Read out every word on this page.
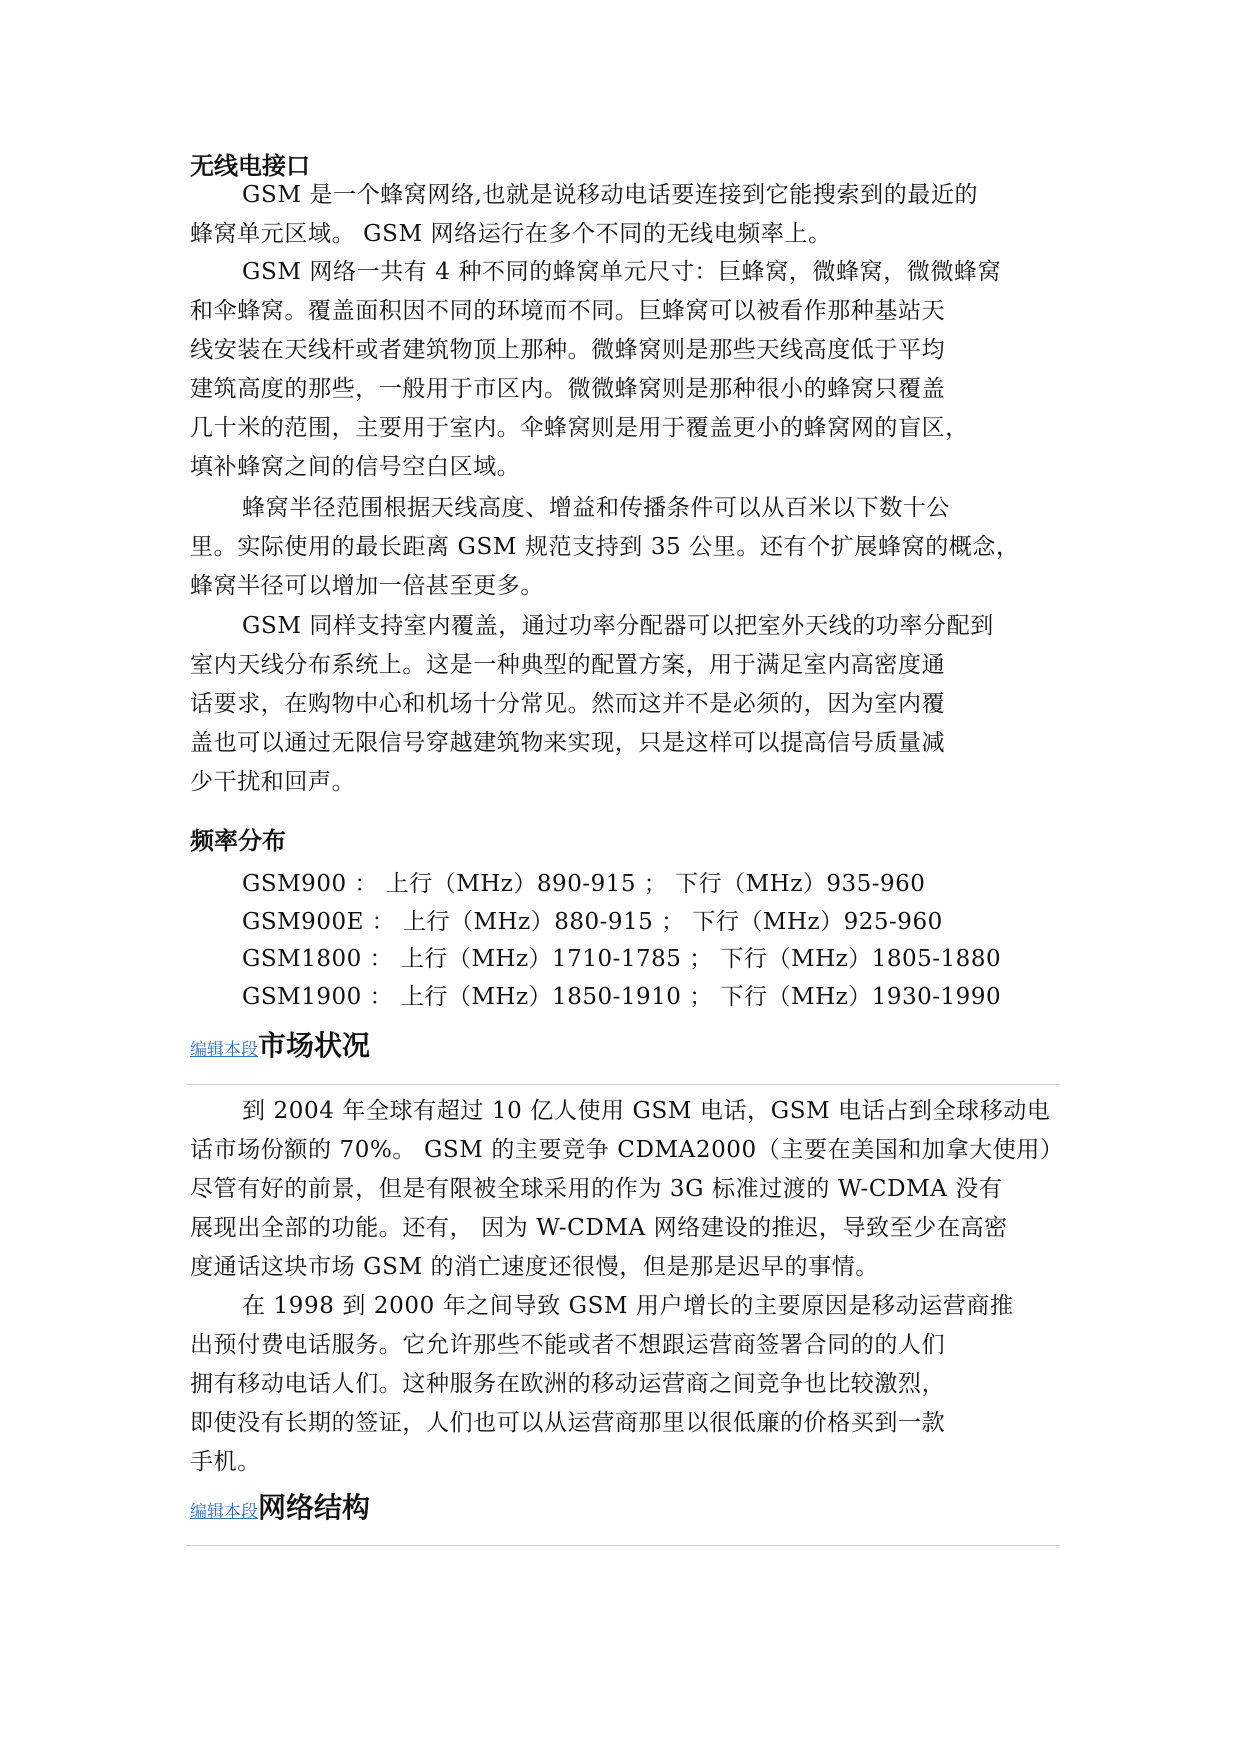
无线电接口
GSM 是一个蜂窝网络,也就是说移动电话要连接到它能搜索到的最近的
蜂窝单元区域。 GSM 网络运行在多个不同的无线电频率上。
GSM 网络一共有 4 种不同的蜂窝单元尺寸：巨蜂窝，微蜂窝，微微蜂窝
和伞蜂窝。覆盖面积因不同的环境而不同。巨蜂窝可以被看作那种基站天
线安装在天线杆或者建筑物顶上那种。微蜂窝则是那些天线高度低于平均
建筑高度的那些，一般用于市区内。微微蜂窝则是那种很小的蜂窝只覆盖
几十米的范围，主要用于室内。伞蜂窝则是用于覆盖更小的蜂窝网的盲区，
填补蜂窝之间的信号空白区域。
蜂窝半径范围根据天线高度、增益和传播条件可以从百米以下数十公
里。实际使用的最长距离 GSM 规范支持到 35 公里。还有个扩展蜂窝的概念，
蜂窝半径可以增加一倍甚至更多。
GSM 同样支持室内覆盖，通过功率分配器可以把室外天线的功率分配到
室内天线分布系统上。这是一种典型的配置方案，用于满足室内高密度通
话要求，在购物中心和机场十分常见。然而这并不是必须的，因为室内覆
盖也可以通过无限信号穿越建筑物来实现，只是这样可以提高信号质量减
少干扰和回声。
频率分布
GSM900 ： 上行（MHz）890-915 ； 下行（MHz）935-960
GSM900E ： 上行（MHz）880-915 ； 下行（MHz）925-960
GSM1800 ： 上行（MHz）1710-1785 ； 下行（MHz）1805-1880
GSM1900 ： 上行（MHz）1850-1910 ； 下行（MHz）1930-1990
编辑本段市场状况
到 2004 年全球有超过 10 亿人使用 GSM 电话，GSM 电话占到全球移动电
话市场份额的 70%。 GSM 的主要竞争 CDMA2000（主要在美国和加拿大使用）
尽管有好的前景，但是有限被全球采用的作为 3G 标准过渡的 W-CDMA 没有
展现出全部的功能。还有， 因为 W-CDMA 网络建设的推迟，导致至少在高密
度通话这块市场 GSM 的消亡速度还很慢，但是那是迟早的事情。
在 1998 到 2000 年之间导致 GSM 用户增长的主要原因是移动运营商推
出预付费电话服务。它允许那些不能或者不想跟运营商签署合同的的人们
拥有移动电话人们。这种服务在欧洲的移动运营商之间竞争也比较激烈，
即使没有长期的签证，人们也可以从运营商那里以很低廉的价格买到一款
手机。
编辑本段网络结构
